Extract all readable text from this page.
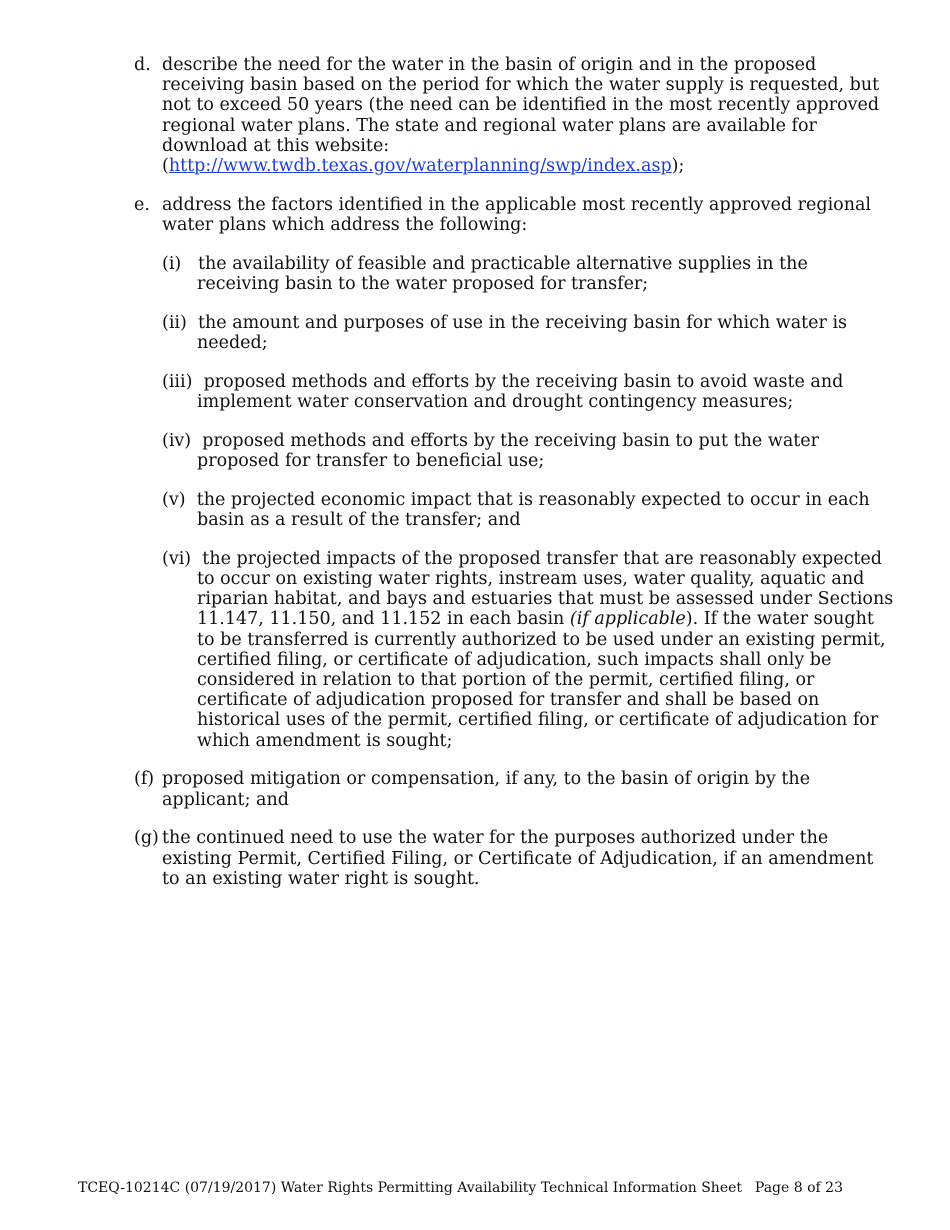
d. describe the need for the water in the basin of origin and in the proposed receiving basin based on the period for which the water supply is requested, but not to exceed 50 years (the need can be identified in the most recently approved regional water plans. The state and regional water plans are available for download at this website: (http://www.twdb.texas.gov/waterplanning/swp/index.asp);

e. address the factors identified in the applicable most recently approved regional water plans which address the following:

(i) the availability of feasible and practicable alternative supplies in the receiving basin to the water proposed for transfer;

(ii) the amount and purposes of use in the receiving basin for which water is needed;

(iii) proposed methods and efforts by the receiving basin to avoid waste and implement water conservation and drought contingency measures;

(iv) proposed methods and efforts by the receiving basin to put the water proposed for transfer to beneficial use;

(v) the projected economic impact that is reasonably expected to occur in each basin as a result of the transfer; and

(vi) the projected impacts of the proposed transfer that are reasonably expected to occur on existing water rights, instream uses, water quality, aquatic and riparian habitat, and bays and estuaries that must be assessed under Sections 11.147, 11.150, and 11.152 in each basin (if applicable). If the water sought to be transferred is currently authorized to be used under an existing permit, certified filing, or certificate of adjudication, such impacts shall only be considered in relation to that portion of the permit, certified filing, or certificate of adjudication proposed for transfer and shall be based on historical uses of the permit, certified filing, or certificate of adjudication for which amendment is sought;

(f) proposed mitigation or compensation, if any, to the basin of origin by the applicant; and

(g) the continued need to use the water for the purposes authorized under the existing Permit, Certified Filing, or Certificate of Adjudication, if an amendment to an existing water right is sought.

TCEQ-10214C (07/19/2017) Water Rights Permitting Availability Technical Information Sheet Page 8 of 23
